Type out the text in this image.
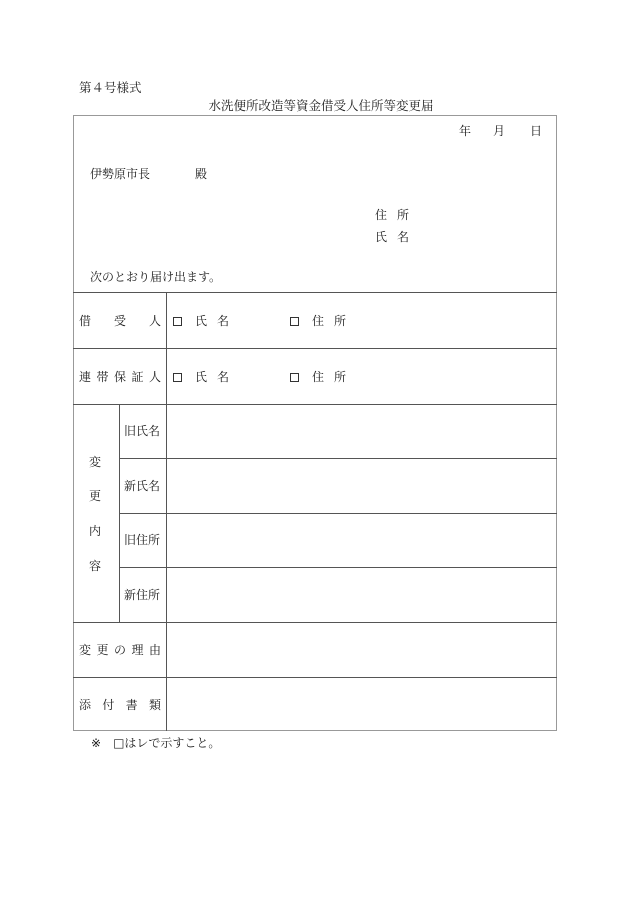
第４号様式
水洗便所改造等資金借受人住所等変更届
年 月 日
伊勢原市長	殿
住所
氏名
次のとおり届け出ます。
借 受 人	氏名	住所
連 帯 保 証 人	氏名	住所
変
更
内
容
旧氏名
新氏名
旧住所
新住所
変 更 の 理 由
添 付 書 類
※ □はレで示すこと。
